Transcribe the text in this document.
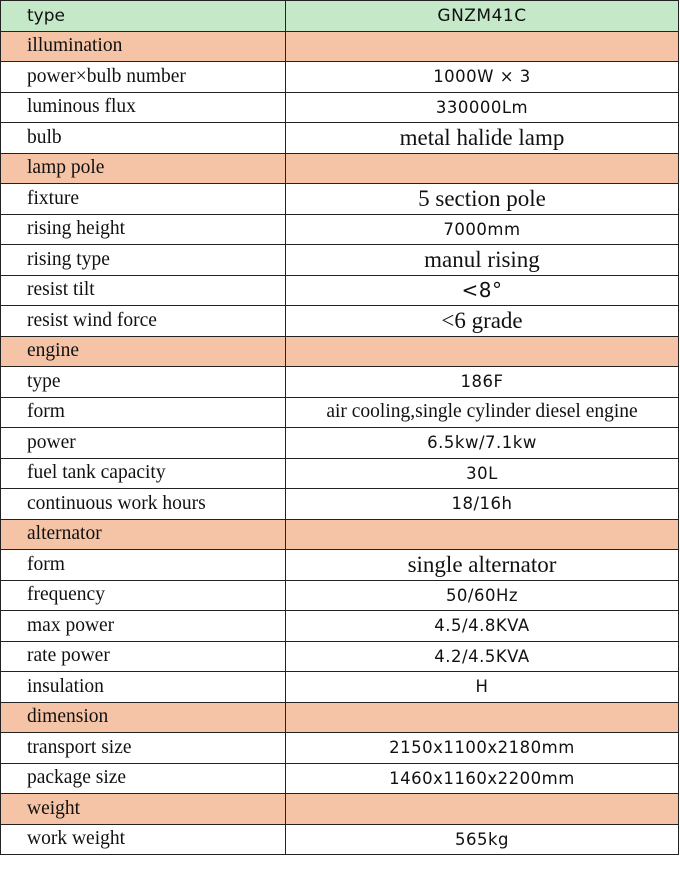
type	GNZM41C
illumination	
power×bulb number	1000W × 3
luminous flux	330000Lm
bulb	metal halide lamp
lamp pole	
fixture	5 section pole
rising height	7000mm
rising type	manul rising
resist tilt	<8°
resist wind force	<6 grade
engine	
type	186F
form	air cooling,single cylinder diesel engine
power	6.5kw/7.1kw
fuel tank capacity	30L
continuous work hours	18/16h
alternator	
form	single alternator
frequency	50/60Hz
max power	4.5/4.8KVA
rate power	4.2/4.5KVA
insulation	H
dimension	
transport size	2150x1100x2180mm
package size	1460x1160x2200mm
weight	
work weight	565kg
